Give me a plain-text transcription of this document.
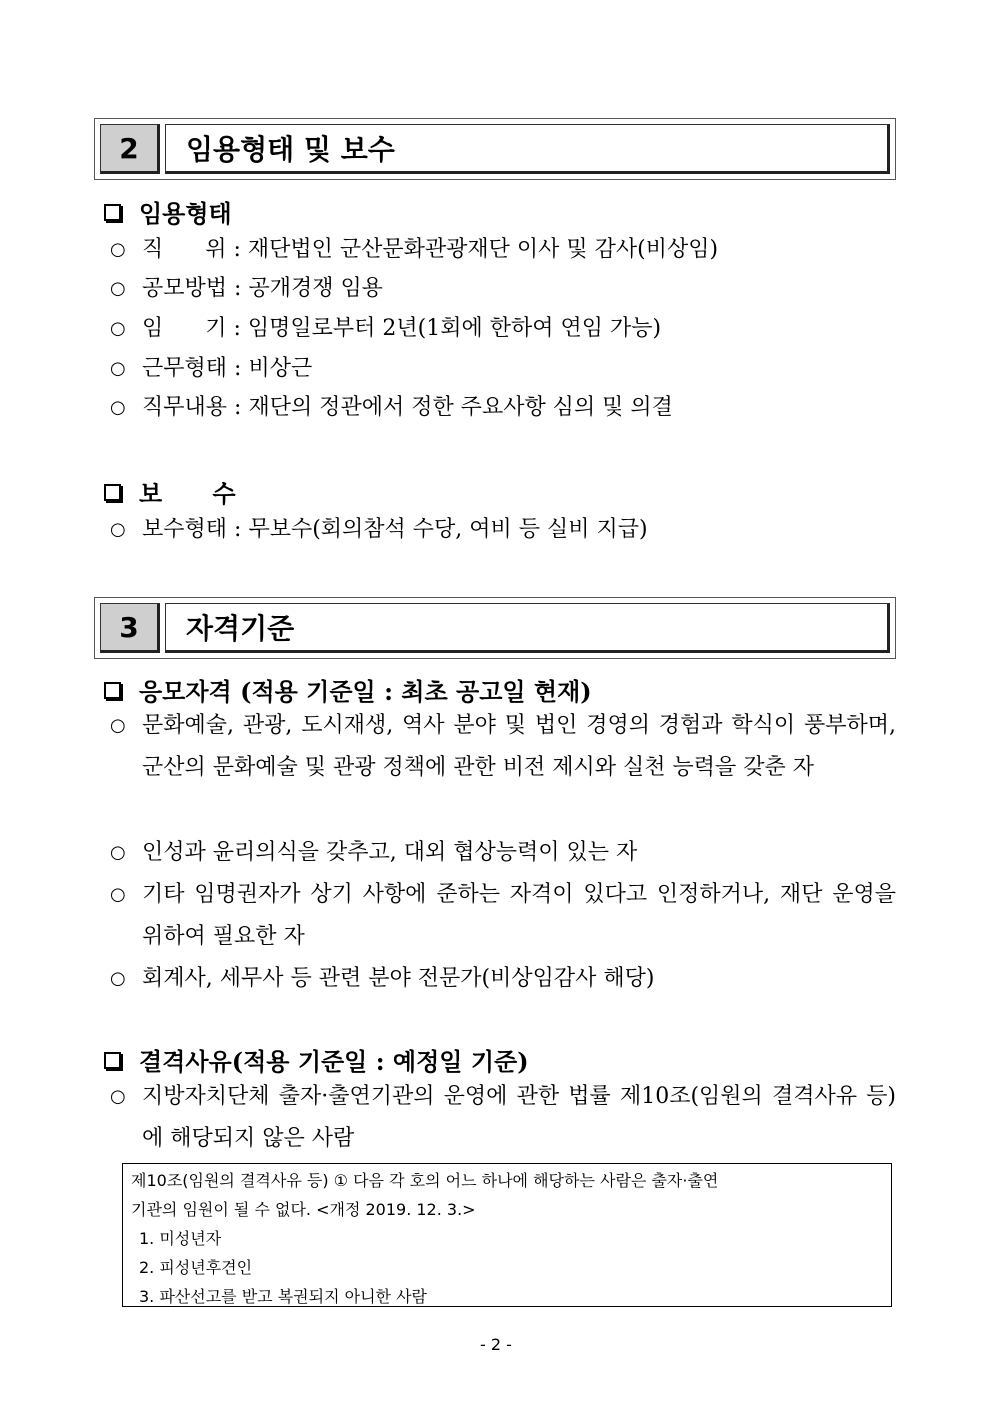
2	임용형태 및 보수
임용형태
○ 직      위 : 재단법인 군산문화관광재단 이사 및 감사(비상임)
○ 공모방법 : 공개경쟁 임용
○ 임      기 : 임명일로부터 2년(1회에 한하여 연임 가능)
○ 근무형태 : 비상근
○ 직무내용 : 재단의 정관에서 정한 주요사항 심의 및 의결
보      수
○ 보수형태 : 무보수(회의참석 수당, 여비 등 실비 지급)
3	자격기준
응모자격 (적용 기준일 : 최초 공고일 현재)
○ 문화예술, 관광, 도시재생, 역사 분야 및 법인 경영의 경험과 학식이 풍부하며, 군산의 문화예술 및 관광 정책에 관한 비전 제시와 실천 능력을 갖춘 자
○ 인성과 윤리의식을 갖추고, 대외 협상능력이 있는 자
○ 기타 임명권자가 상기 사항에 준하는 자격이 있다고 인정하거나, 재단 운영을 위하여 필요한 자
○ 회계사, 세무사 등 관련 분야 전문가(비상임감사 해당)
결격사유(적용 기준일 : 예정일 기준)
○ 지방자치단체 출자·출연기관의 운영에 관한 법률 제10조(임원의 결격사유 등)에 해당되지 않은 사람
제10조(임원의 결격사유 등) ① 다음 각 호의 어느 하나에 해당하는 사람은 출자·출연
기관의 임원이 될 수 없다. <개정 2019. 12. 3.>
1. 미성년자
2. 피성년후견인
3. 파산선고를 받고 복권되지 아니한 사람
- 2 -
